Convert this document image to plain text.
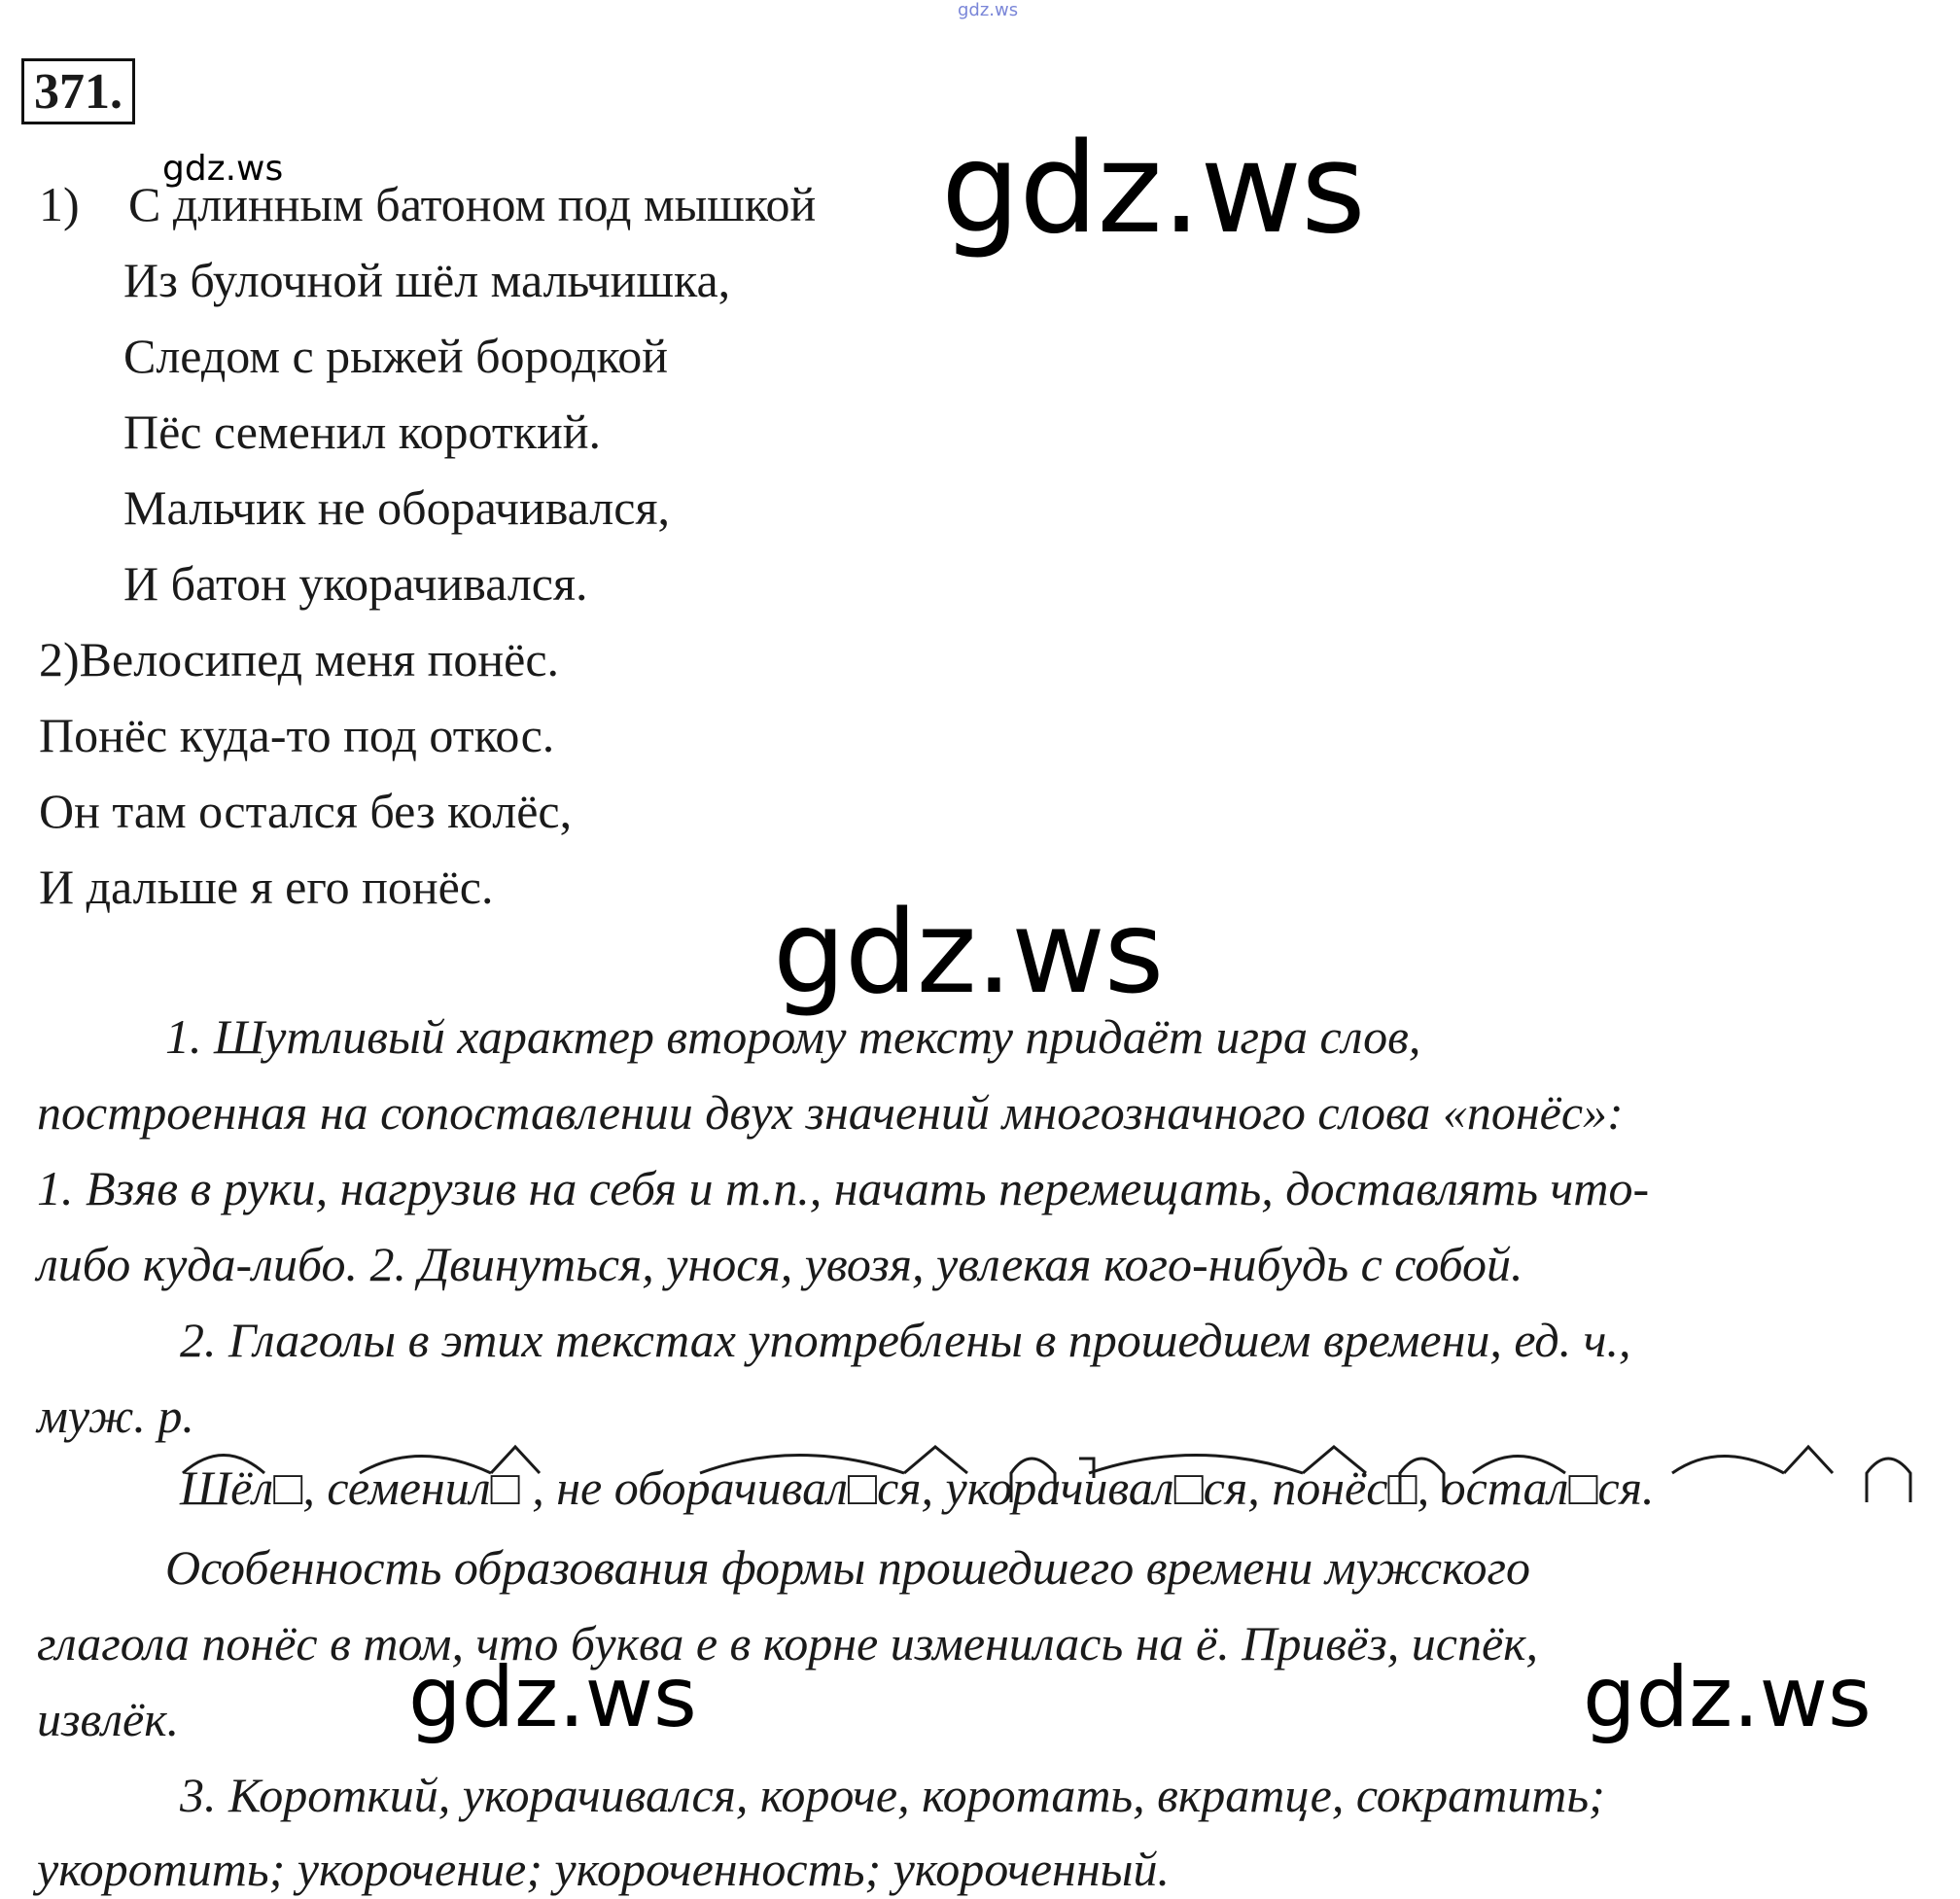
gdz.ws
371.
1) С длинным батоном под мышкой
Из булочной шёл мальчишка,
Следом с рыжей бородкой
Пёс семенил короткий.
Мальчик не оборачивался,
И батон укорачивался.
2)Велосипед меня понёс.
Понёс куда-то под откос.
Он там остался без колёс,
И дальше я его понёс.
1. Шутливый характер второму тексту придаёт игра слов,
построенная на сопоставлении двух значений многозначного слова «понёс»:
1. Взяв в руки, нагрузив на себя и т.п., начать перемещать, доставлять что-
либо куда-либо. 2. Двинуться, унося, увозя, увлекая кого-нибудь с собой.
2. Глаголы в этих текстах употреблены в прошедшем времени, ед. ч.,
муж. р.
Шёл□, семенил□ , не оборачивал□ся, укорачивал□ся, понёс□, остал□ся.
Особенность образования формы прошедшего времени мужского
глагола понёс в том, что буква е в корне изменилась на ё. Привёз, испёк,
извлёк.
3. Короткий, укорачивался, короче, коротать, вкратце, сократить;
укоротить; укорочение; укороченность; укороченный.
gdz.ws	gdz.ws
gdz.ws
gdz.ws	gdz.ws
